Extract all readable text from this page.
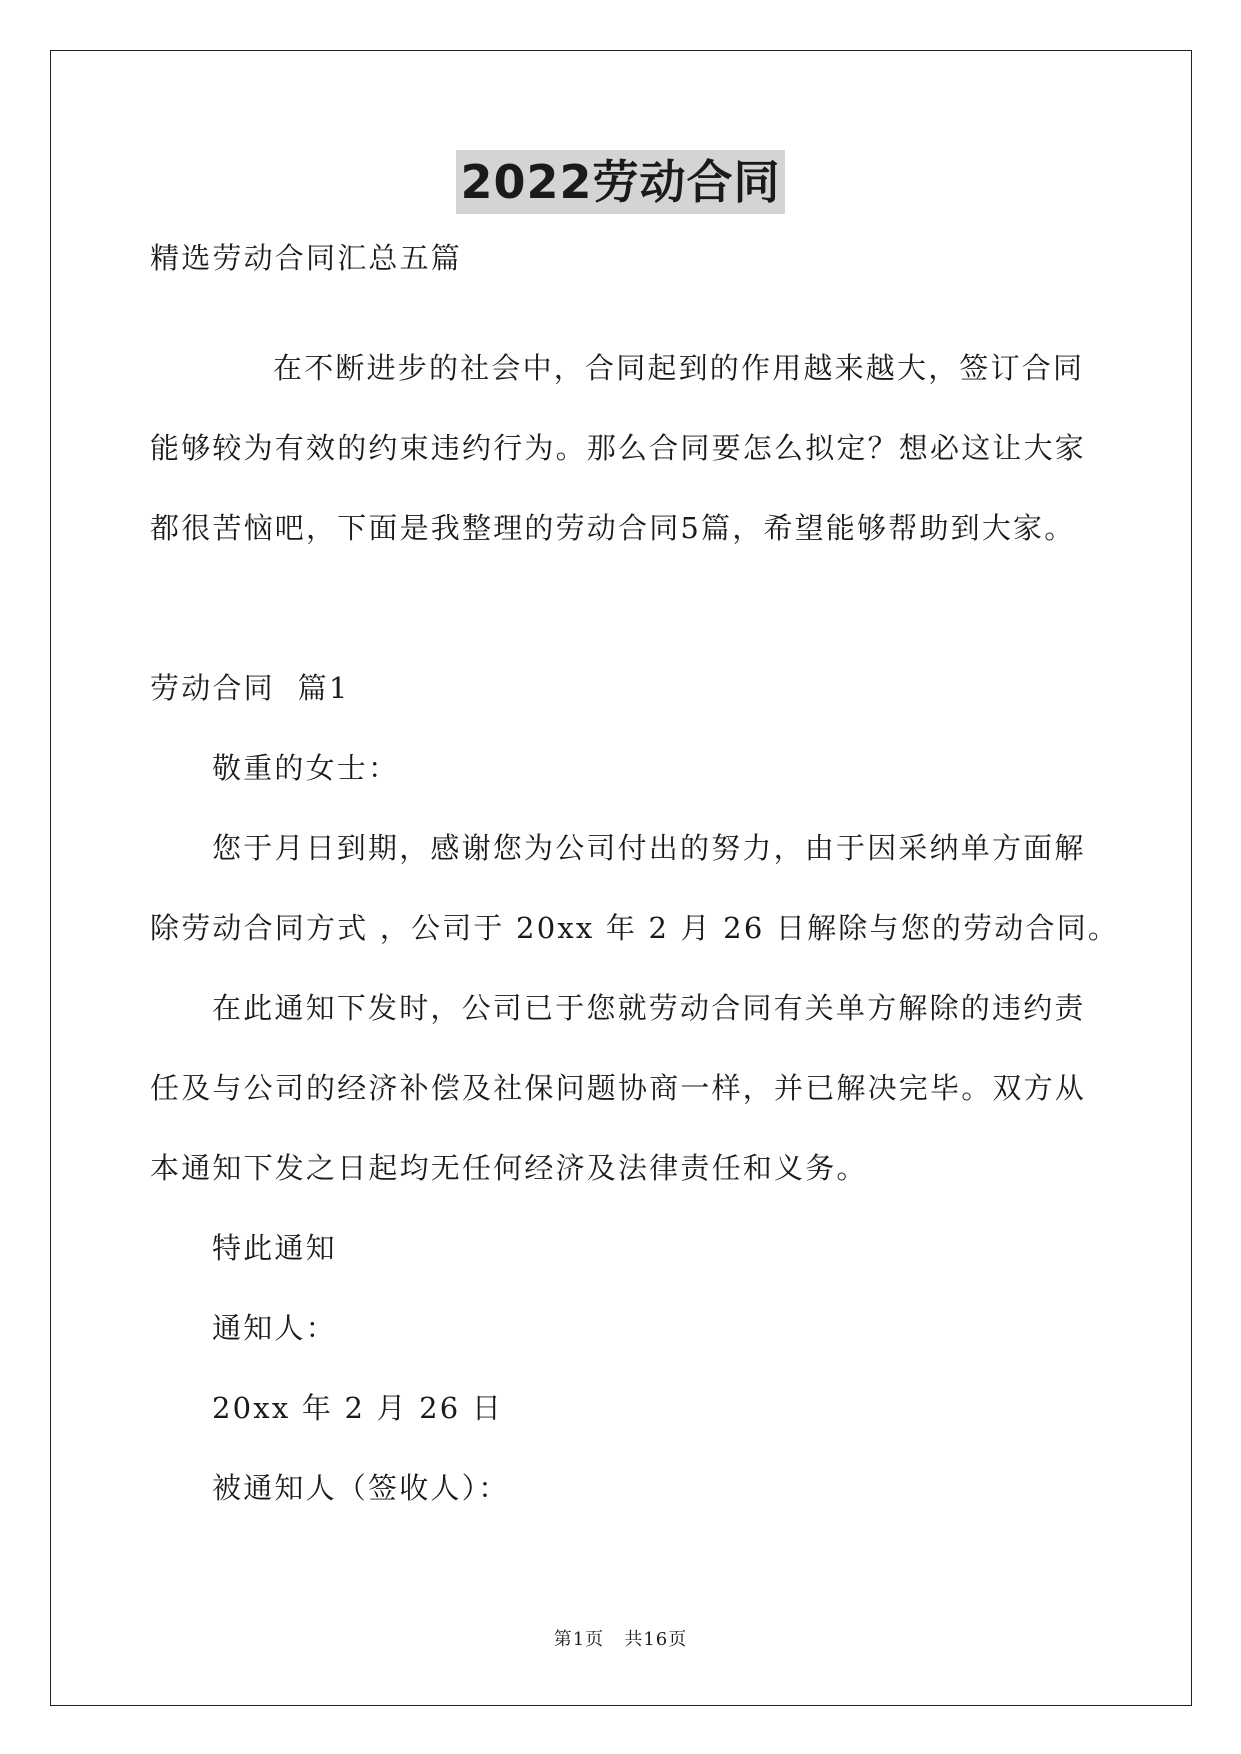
2022劳动合同
精选劳动合同汇总五篇
在不断进步的社会中，合同起到的作用越来越大，签订合同
能够较为有效的约束违约行为。那么合同要怎么拟定？想必这让大家
都很苦恼吧，下面是我整理的劳动合同5篇，希望能够帮助到大家。
劳动合同  篇1
敬重的女士：
您于月日到期，感谢您为公司付出的努力，由于因采纳单方面解
除劳动合同方式 ，公司于 20xx 年 2 月 26 日解除与您的劳动合同。
在此通知下发时，公司已于您就劳动合同有关单方解除的违约责
任及与公司的经济补偿及社保问题协商一样，并已解决完毕。双方从
本通知下发之日起均无任何经济及法律责任和义务。
特此通知
通知人：
20xx 年 2 月 26 日
被通知人（签收人）：
第1页   共16页
